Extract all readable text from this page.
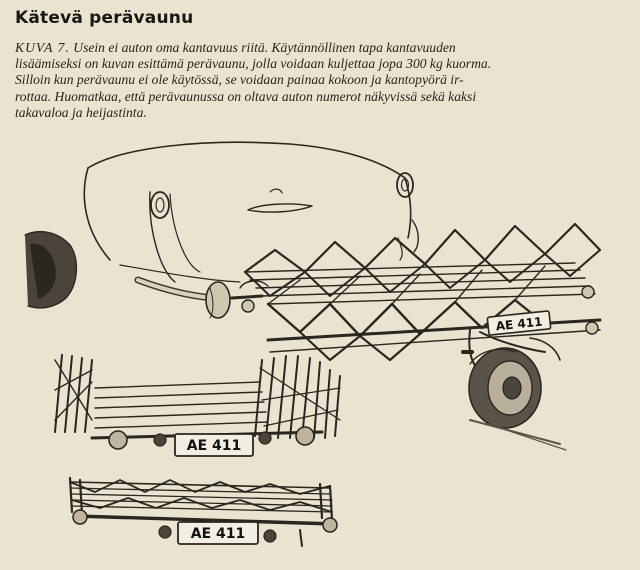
Kätevä perävaunu

KUVA 7. Usein ei auton oma kantavuus riitä. Käytännöllinen tapa kantavuuden
lisäämiseksi on kuvan esittämä perävaunu, jolla voidaan kuljettaa jopa 300 kg kuorma.
Silloin kun perävaunu ei ole käytössä, se voidaan painaa kokoon ja kantopyörä ir-
rottaa. Huomatkaa, että perävaunussa on oltava auton numerot näkyvissä sekä kaksi
takavaloa ja heijastinta.

AE 411
AE 411
AE 411
